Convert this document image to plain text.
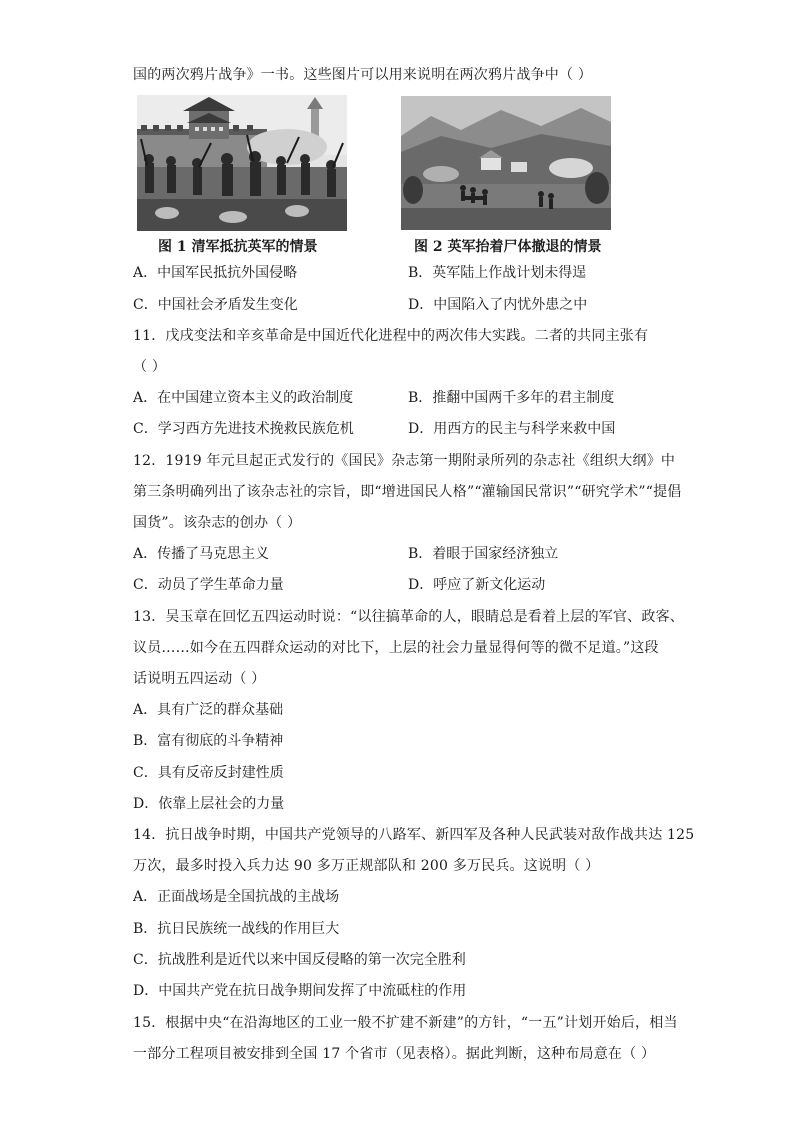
国的两次鸦片战争》一书。这些图片可以用来说明在两次鸦片战争中（ ）
图 1 清军抵抗英军的情景	图 2 英军抬着尸体撤退的情景
A．中国军民抵抗外国侵略	B．英军陆上作战计划未得逞
C．中国社会矛盾发生变化	D．中国陷入了内忧外患之中
11．戊戌变法和辛亥革命是中国近代化进程中的两次伟大实践。二者的共同主张有
（ ）
A．在中国建立资本主义的政治制度	B．推翻中国两千多年的君主制度
C．学习西方先进技术挽救民族危机	D．用西方的民主与科学来救中国
12．1919 年元旦起正式发行的《国民》杂志第一期附录所列的杂志社《组织大纲》中
第三条明确列出了该杂志社的宗旨，即“增进国民人格”“灌输国民常识”“研究学术”“提倡
国货”。该杂志的创办（ ）
A．传播了马克思主义	B．着眼于国家经济独立
C．动员了学生革命力量	D．呼应了新文化运动
13．吴玉章在回忆五四运动时说：“以往搞革命的人，眼睛总是看着上层的军官、政客、
议员……如今在五四群众运动的对比下，上层的社会力量显得何等的微不足道。”这段
话说明五四运动（ ）
A．具有广泛的群众基础
B．富有彻底的斗争精神
C．具有反帝反封建性质
D．依靠上层社会的力量
14．抗日战争时期，中国共产党领导的八路军、新四军及各种人民武装对敌作战共达 125
万次，最多时投入兵力达 90 多万正规部队和 200 多万民兵。这说明（ ）
A．正面战场是全国抗战的主战场
B．抗日民族统一战线的作用巨大
C．抗战胜利是近代以来中国反侵略的第一次完全胜利
D．中国共产党在抗日战争期间发挥了中流砥柱的作用
15．根据中央“在沿海地区的工业一般不扩建不新建”的方针，“一五”计划开始后，相当
一部分工程项目被安排到全国 17 个省市（见表格）。据此判断，这种布局意在（ ）
